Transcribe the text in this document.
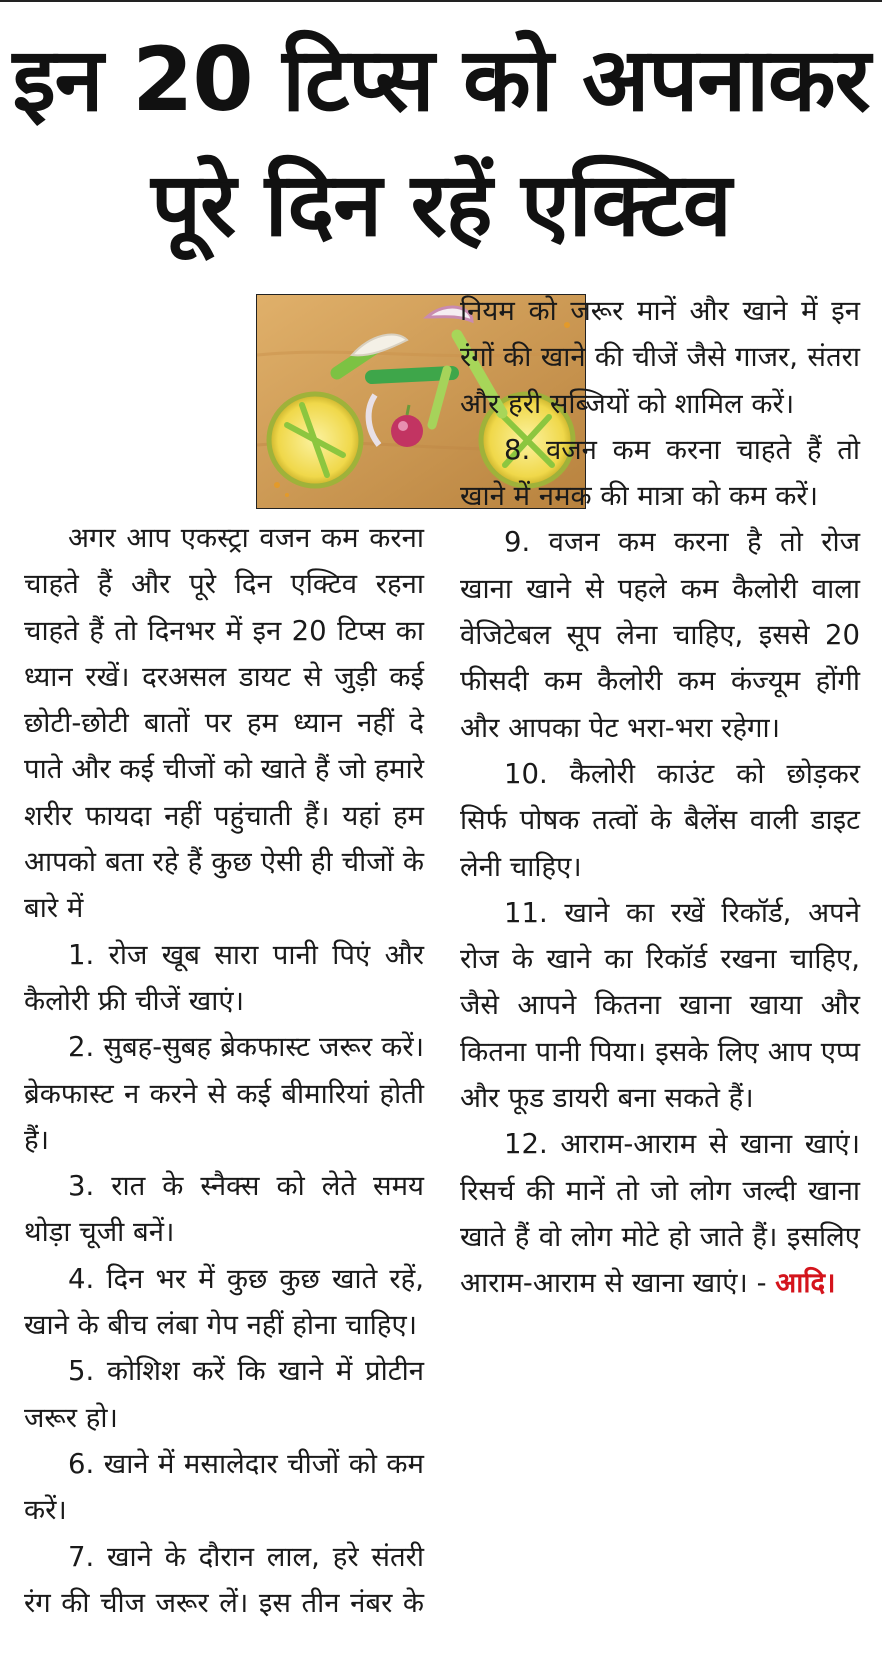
इन 20 टिप्स को अपनाकर
पूरे दिन रहें एक्टिव

अगर आप एकस्ट्रा वजन कम करना चाहते हैं और पूरे दिन एक्टिव रहना चाहते हैं तो दिनभर में इन 20 टिप्स का ध्यान रखें। दरअसल डायट से जुड़ी कई छोटी-छोटी बातों पर हम ध्यान नहीं दे पाते और कई चीजों को खाते हैं जो हमारे शरीर फायदा नहीं पहुंचाती हैं। यहां हम आपको बता रहे हैं कुछ ऐसी ही चीजों के बारे में

1. रोज खूब सारा पानी पिएं और कैलोरी फ्री चीजें खाएं।

2. सुबह-सुबह ब्रेकफास्ट जरूर करें। ब्रेकफास्ट न करने से कई बीमारियां होती हैं।

3. रात के स्नैक्स को लेते समय थोड़ा चूजी बनें।

4. दिन भर में कुछ कुछ खाते रहें, खाने के बीच लंबा गेप नहीं होना चाहिए।

5. कोशिश करें कि खाने में प्रोटीन जरूर हो।

6. खाने में मसालेदार चीजों को कम करें।

7. खाने के दौरान लाल, हरे संतरी रंग की चीज जरूर लें। इस तीन नंबर के नियम को जरूर मानें और खाने में इन रंगों की खाने की चीजें जैसे गाजर, संतरा और हरी सब्जियों को शामिल करें।

8. वजन कम करना चाहते हैं तो खाने में नमक की मात्रा को कम करें।

9. वजन कम करना है तो रोज खाना खाने से पहले कम कैलोरी वाला वेजिटेबल सूप लेना चाहिए, इससे 20 फीसदी कम कैलोरी कम कंज्यूम होंगी और आपका पेट भरा-भरा रहेगा।

10. कैलोरी काउंट को छोड़कर सिर्फ पोषक तत्वों के बैलेंस वाली डाइट लेनी चाहिए।

11. खाने का रखें रिकॉर्ड, अपने रोज के खाने का रिकॉर्ड रखना चाहिए, जैसे आपने कितना खाना खाया और कितना पानी पिया। इसके लिए आप एप्प और फूड डायरी बना सकते हैं।

12. आराम-आराम से खाना खाएं। रिसर्च की मानें तो जो लोग जल्दी खाना खाते हैं वो लोग मोटे हो जाते हैं। इसलिए आराम-आराम से खाना खाएं। - आदि।
